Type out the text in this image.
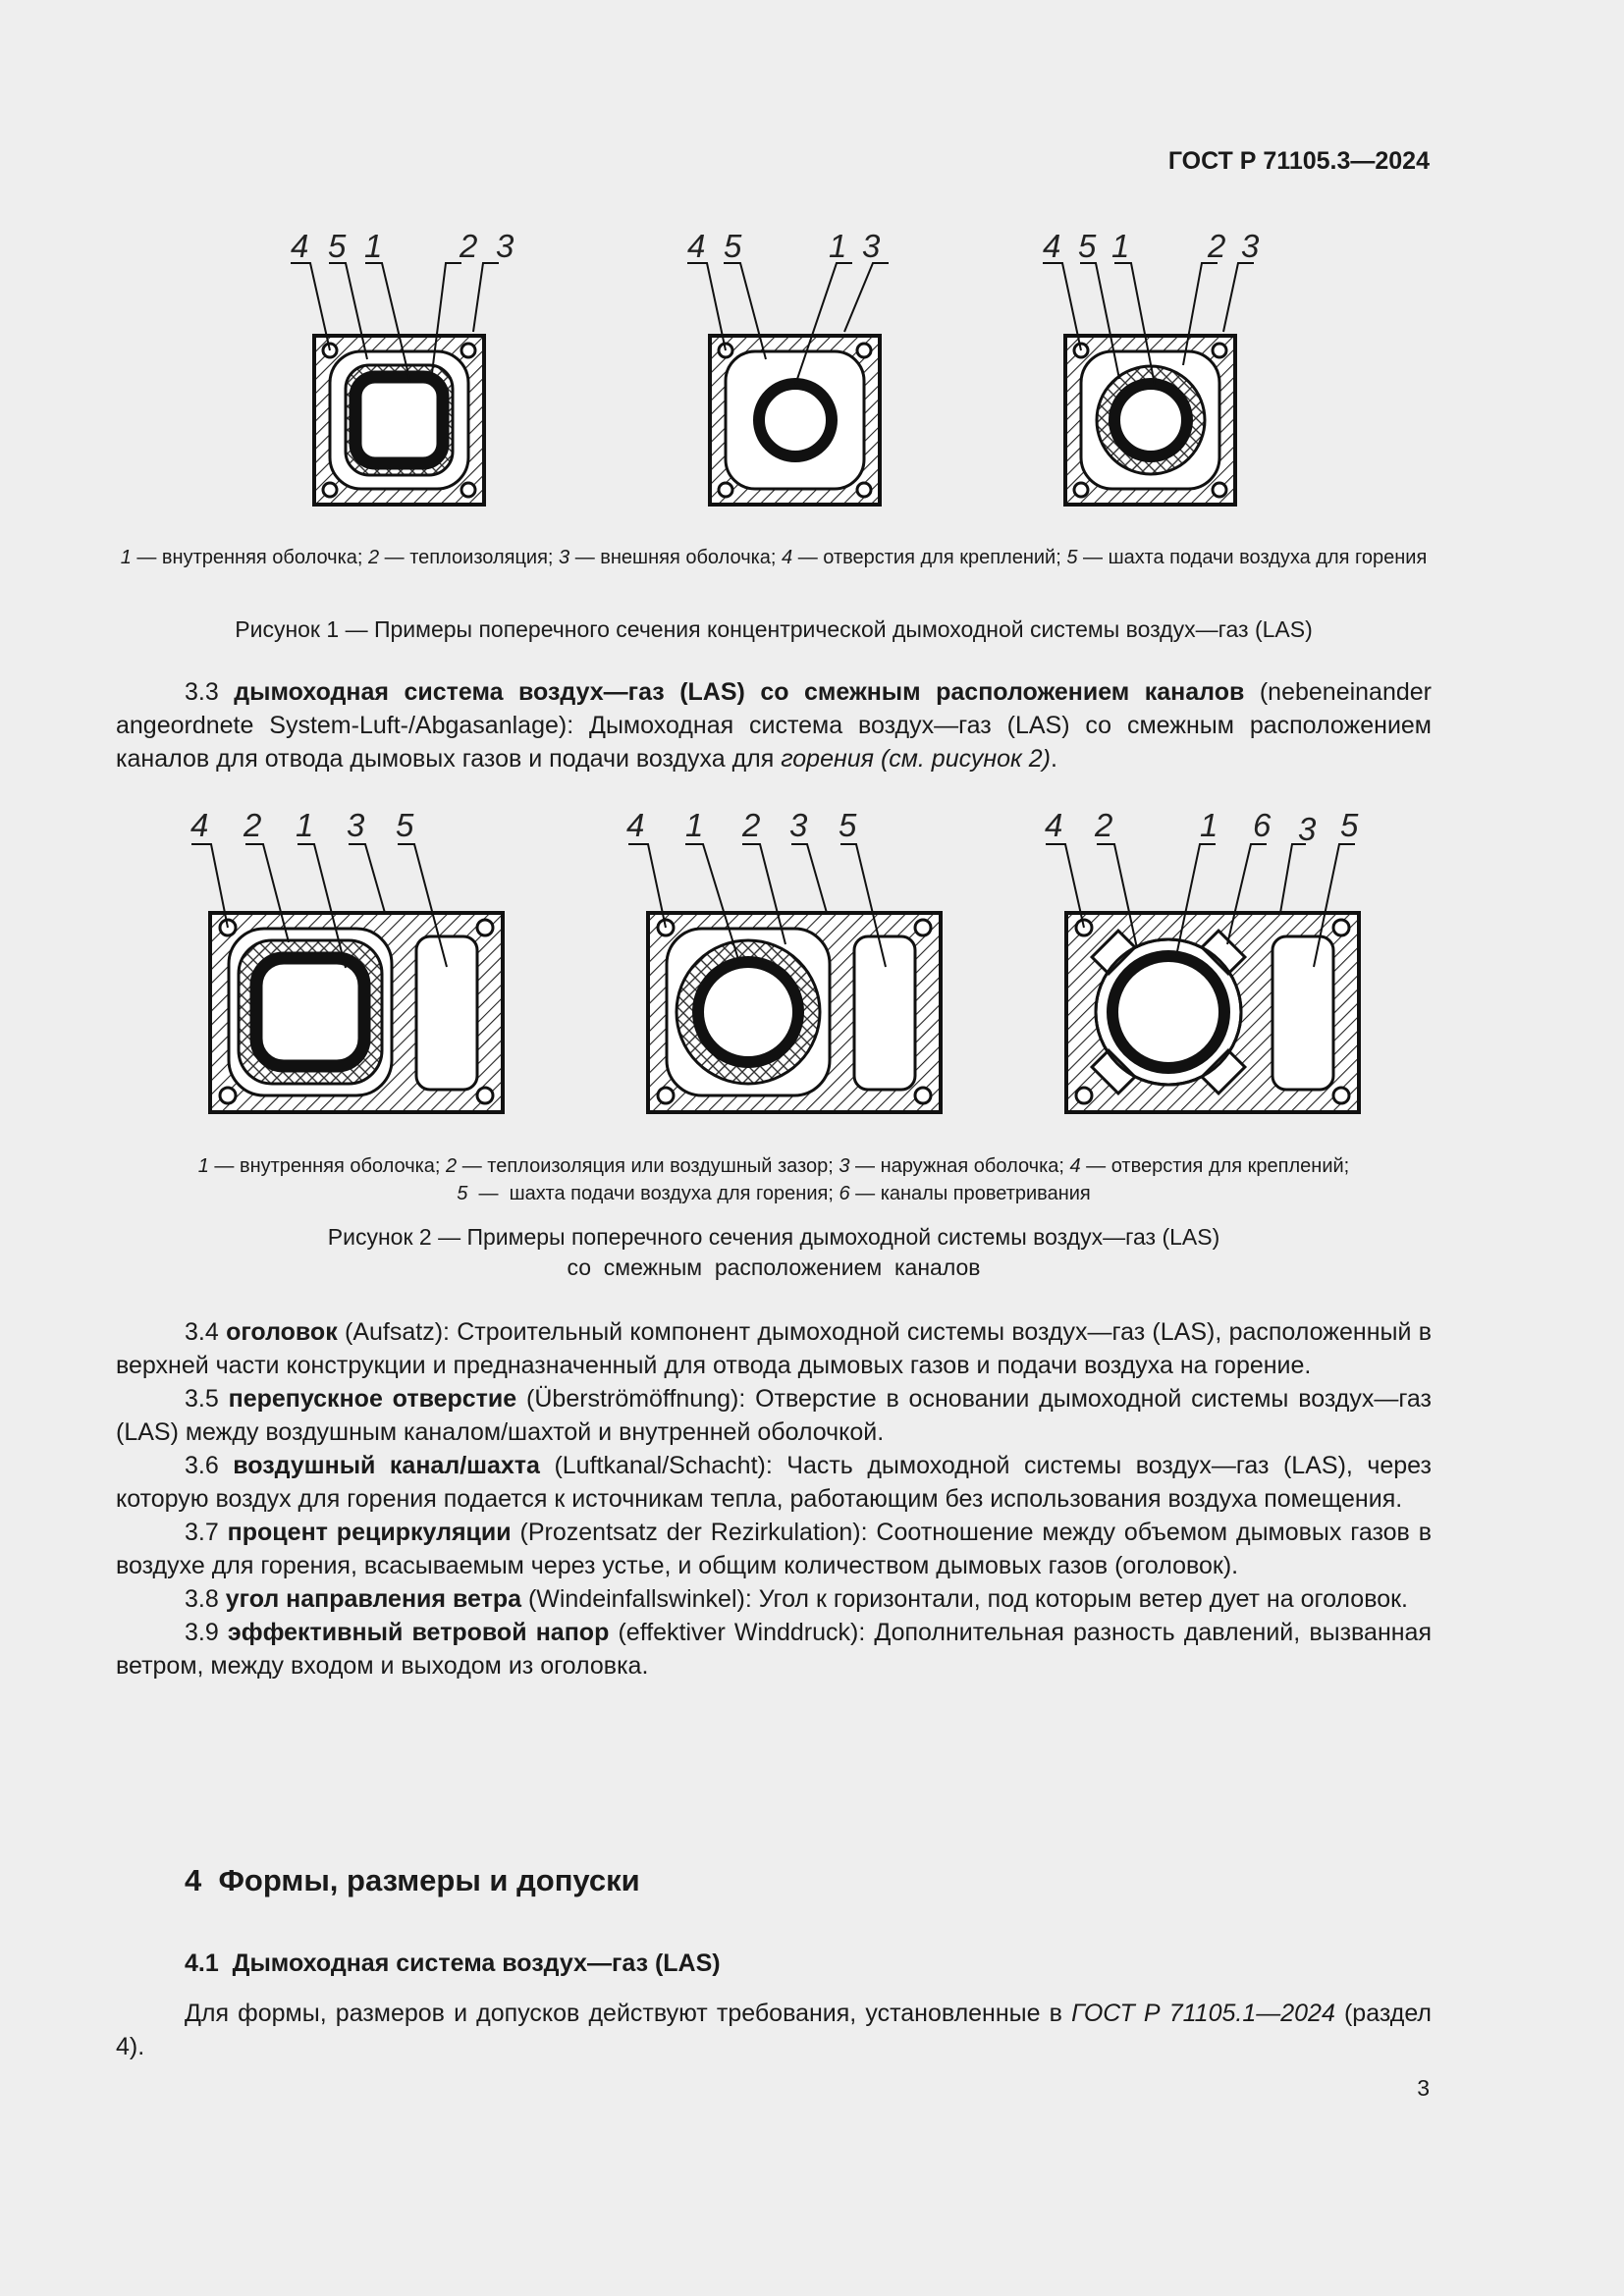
ГОСТ Р 71105.3—2024
4 5 1 2 3	4 5	1 3	4 5 1 2 3
1 — внутренняя оболочка; 2 — теплоизоляция; 3 — внешняя оболочка; 4 — отверстия для креплений; 5 — шахта подачи воздуха для горения
Рисунок 1 — Примеры поперечного сечения концентрической дымоходной системы воздух—газ (LAS)
3.3 дымоходная система воздух—газ (LAS) со смежным расположением каналов (nebeneinander angeordnete System-Luft-/Abgasanlage): Дымоходная система воздух—газ (LAS) со смежным расположением каналов для отвода дымовых газов и подачи воздуха для горения (см. рисунок 2).
4 2 1 3 5	4 1 2 3 5	4 2	1 6 3 5
1 — внутренняя оболочка; 2 — теплоизоляция или воздушный зазор; 3 — наружная оболочка; 4 — отверстия для креплений;
5  —  шахта подачи воздуха для горения; 6 — каналы проветривания
Рисунок 2 — Примеры поперечного сечения дымоходной системы воздух—газ (LAS)
со  смежным  расположением  каналов
3.4 оголовок (Aufsatz): Строительный компонент дымоходной системы воздух—газ (LAS), расположенный в верхней части конструкции и предназначенный для отвода дымовых газов и подачи воздуха на горение.
3.5 перепускное отверстие (Überströmöffnung): Отверстие в основании дымоходной системы воздух—газ (LAS) между воздушным каналом/шахтой и внутренней оболочкой.
3.6 воздушный канал/шахта (Luftkanal/Schacht): Часть дымоходной системы воздух—газ (LAS), через которую воздух для горения подается к источникам тепла, работающим без использования воздуха помещения.
3.7 процент рециркуляции (Prozentsatz der Rezirkulation): Соотношение между объемом дымовых газов в воздухе для горения, всасываемым через устье, и общим количеством дымовых газов (оголовок).
3.8 угол направления ветра (Windeinfallswinkel): Угол к горизонтали, под которым ветер дует на оголовок.
3.9 эффективный ветровой напор (effektiver Winddruck): Дополнительная разность давлений, вызванная ветром, между входом и выходом из оголовка.
4  Формы, размеры и допуски
4.1  Дымоходная система воздух—газ (LAS)
Для формы, размеров и допусков действуют требования, установленные в ГОСТ Р 71105.1—2024 (раздел 4).
3
